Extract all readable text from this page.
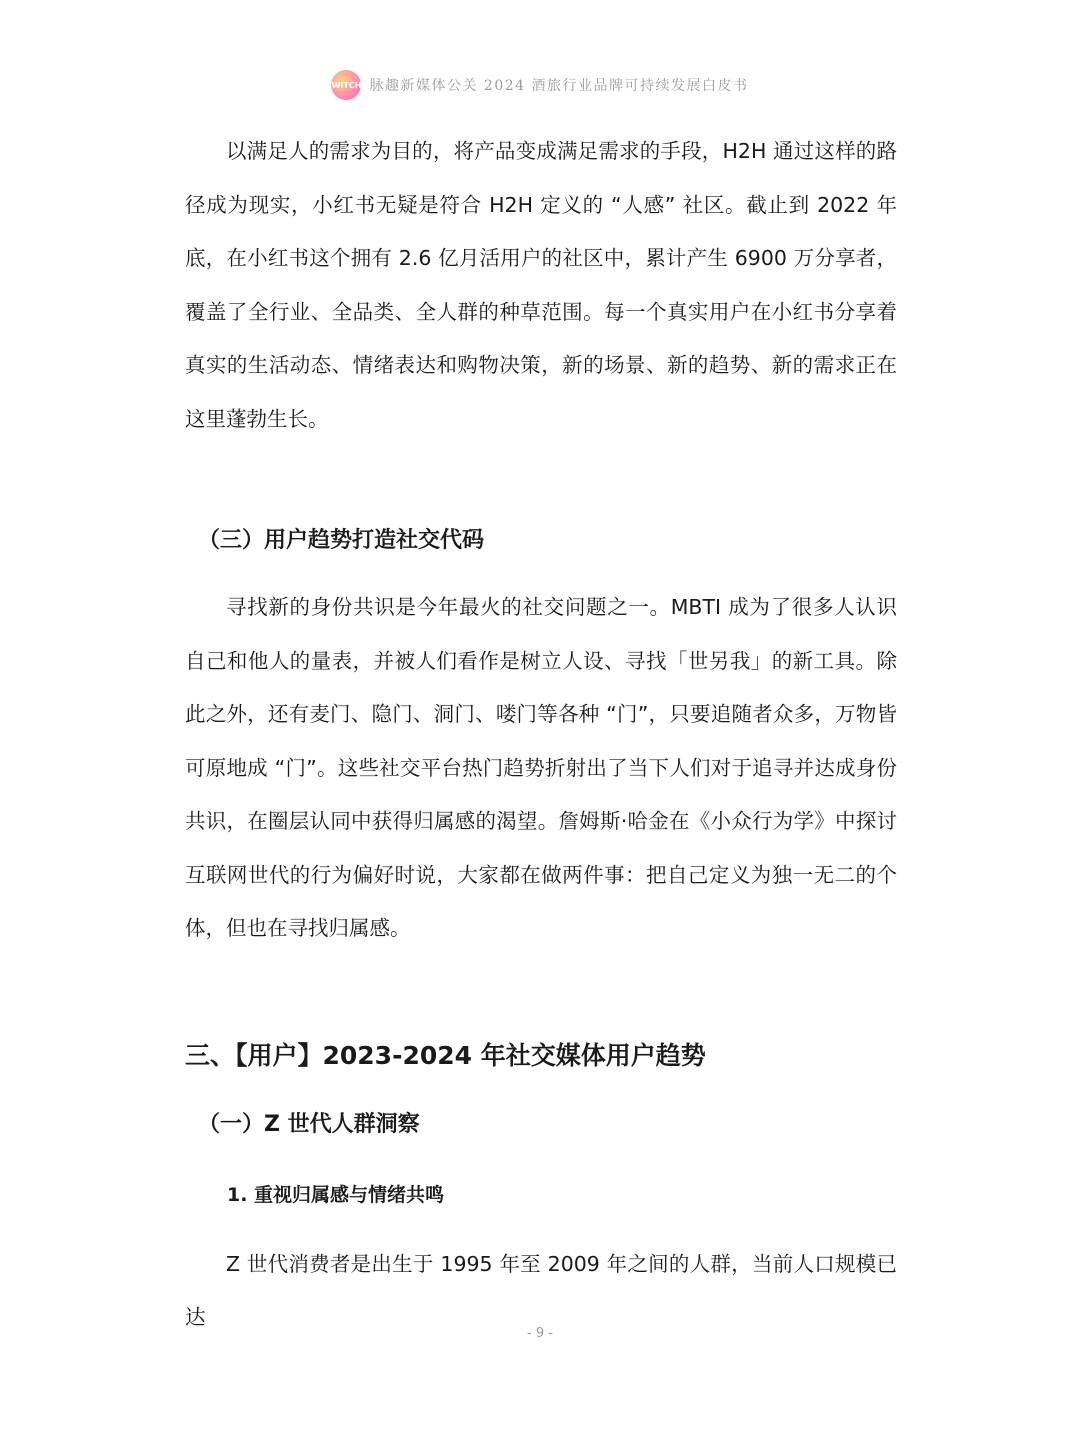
WITCH 脉趣新媒体公关 2024 酒旅行业品牌可持续发展白皮书

以满足人的需求为目的，将产品变成满足需求的手段，H2H 通过这样的路径成为现实，小红书无疑是符合 H2H 定义的 “人感” 社区。截止到 2022 年底，在小红书这个拥有 2.6 亿月活用户的社区中，累计产生 6900 万分享者，覆盖了全行业、全品类、全人群的种草范围。每一个真实用户在小红书分享着真实的生活动态、情绪表达和购物决策，新的场景、新的趋势、新的需求正在这里蓬勃生长。

（三）用户趋势打造社交代码

寻找新的身份共识是今年最火的社交问题之一。MBTI 成为了很多人认识自己和他人的量表，并被人们看作是树立人设、寻找「世另我」的新工具。除此之外，还有麦门、隐门、洞门、喽门等各种 “门”，只要追随者众多，万物皆可原地成 “门”。这些社交平台热门趋势折射出了当下人们对于追寻并达成身份共识，在圈层认同中获得归属感的渴望。詹姆斯·哈金在《小众行为学》中探讨互联网世代的行为偏好时说，大家都在做两件事：把自己定义为独一无二的个体，但也在寻找归属感。

三、【用户】2023-2024 年社交媒体用户趋势
（一）Z 世代人群洞察
1. 重视归属感与情绪共鸣

Z 世代消费者是出生于 1995 年至 2009 年之间的人群，当前人口规模已达

- 9 -
